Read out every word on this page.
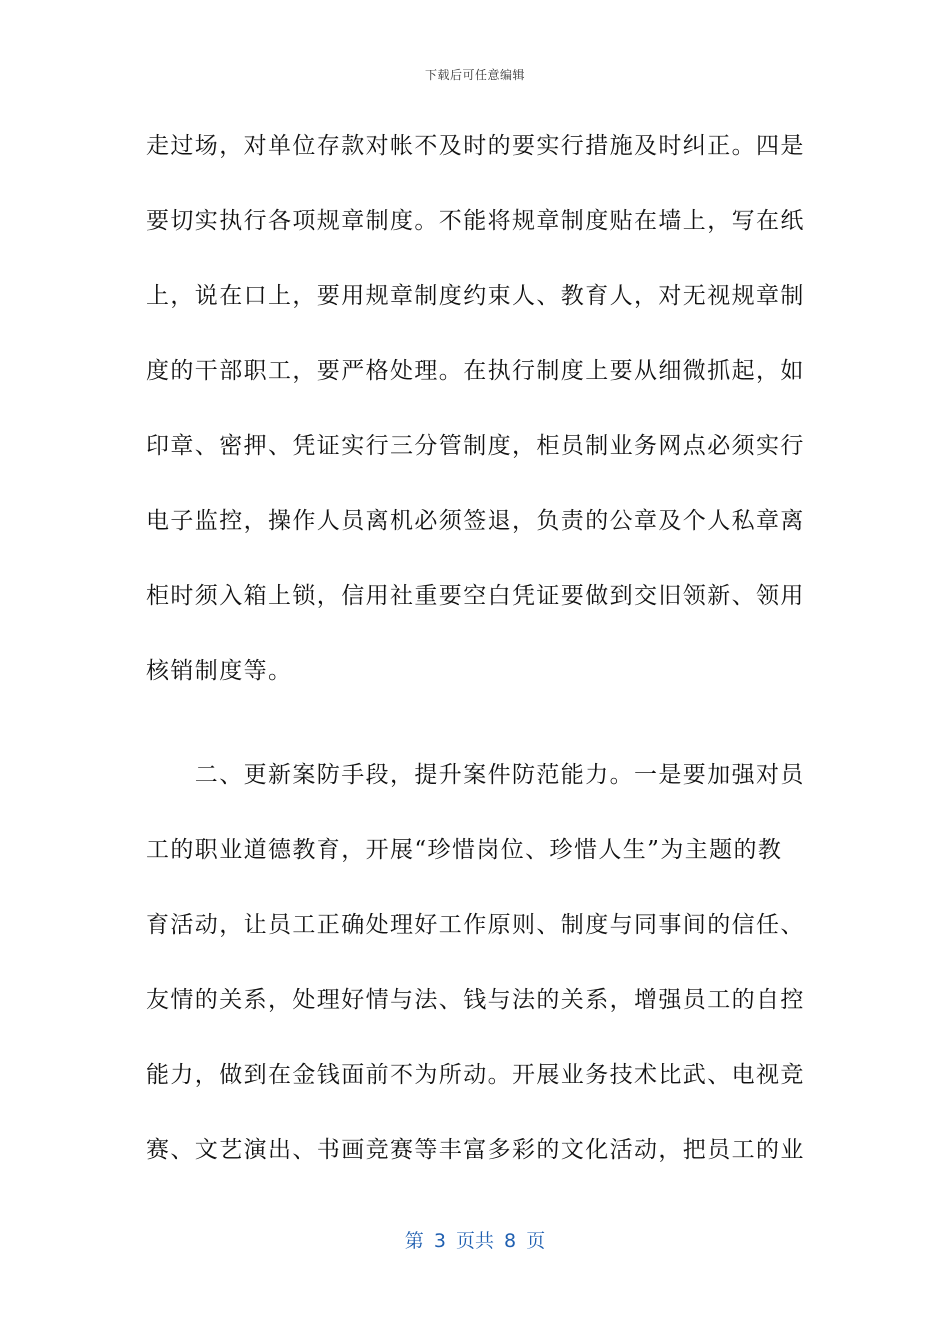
下载后可任意编辑
走过场，对单位存款对帐不及时的要实行措施及时纠正。四是
要切实执行各项规章制度。不能将规章制度贴在墙上，写在纸
上，说在口上，要用规章制度约束人、教育人，对无视规章制
度的干部职工，要严格处理。在执行制度上要从细微抓起，如
印章、密押、凭证实行三分管制度，柜员制业务网点必须实行
电子监控，操作人员离机必须签退，负责的公章及个人私章离
柜时须入箱上锁，信用社重要空白凭证要做到交旧领新、领用
核销制度等。
　　二、更新案防手段，提升案件防范能力。一是要加强对员
工的职业道德教育，开展“珍惜岗位、珍惜人生”为主题的教
育活动，让员工正确处理好工作原则、制度与同事间的信任、
友情的关系，处理好情与法、钱与法的关系，增强员工的自控
能力，做到在金钱面前不为所动。开展业务技术比武、电视竞
赛、文艺演出、书画竞赛等丰富多彩的文化活动，把员工的业
第 3 页共 8 页
